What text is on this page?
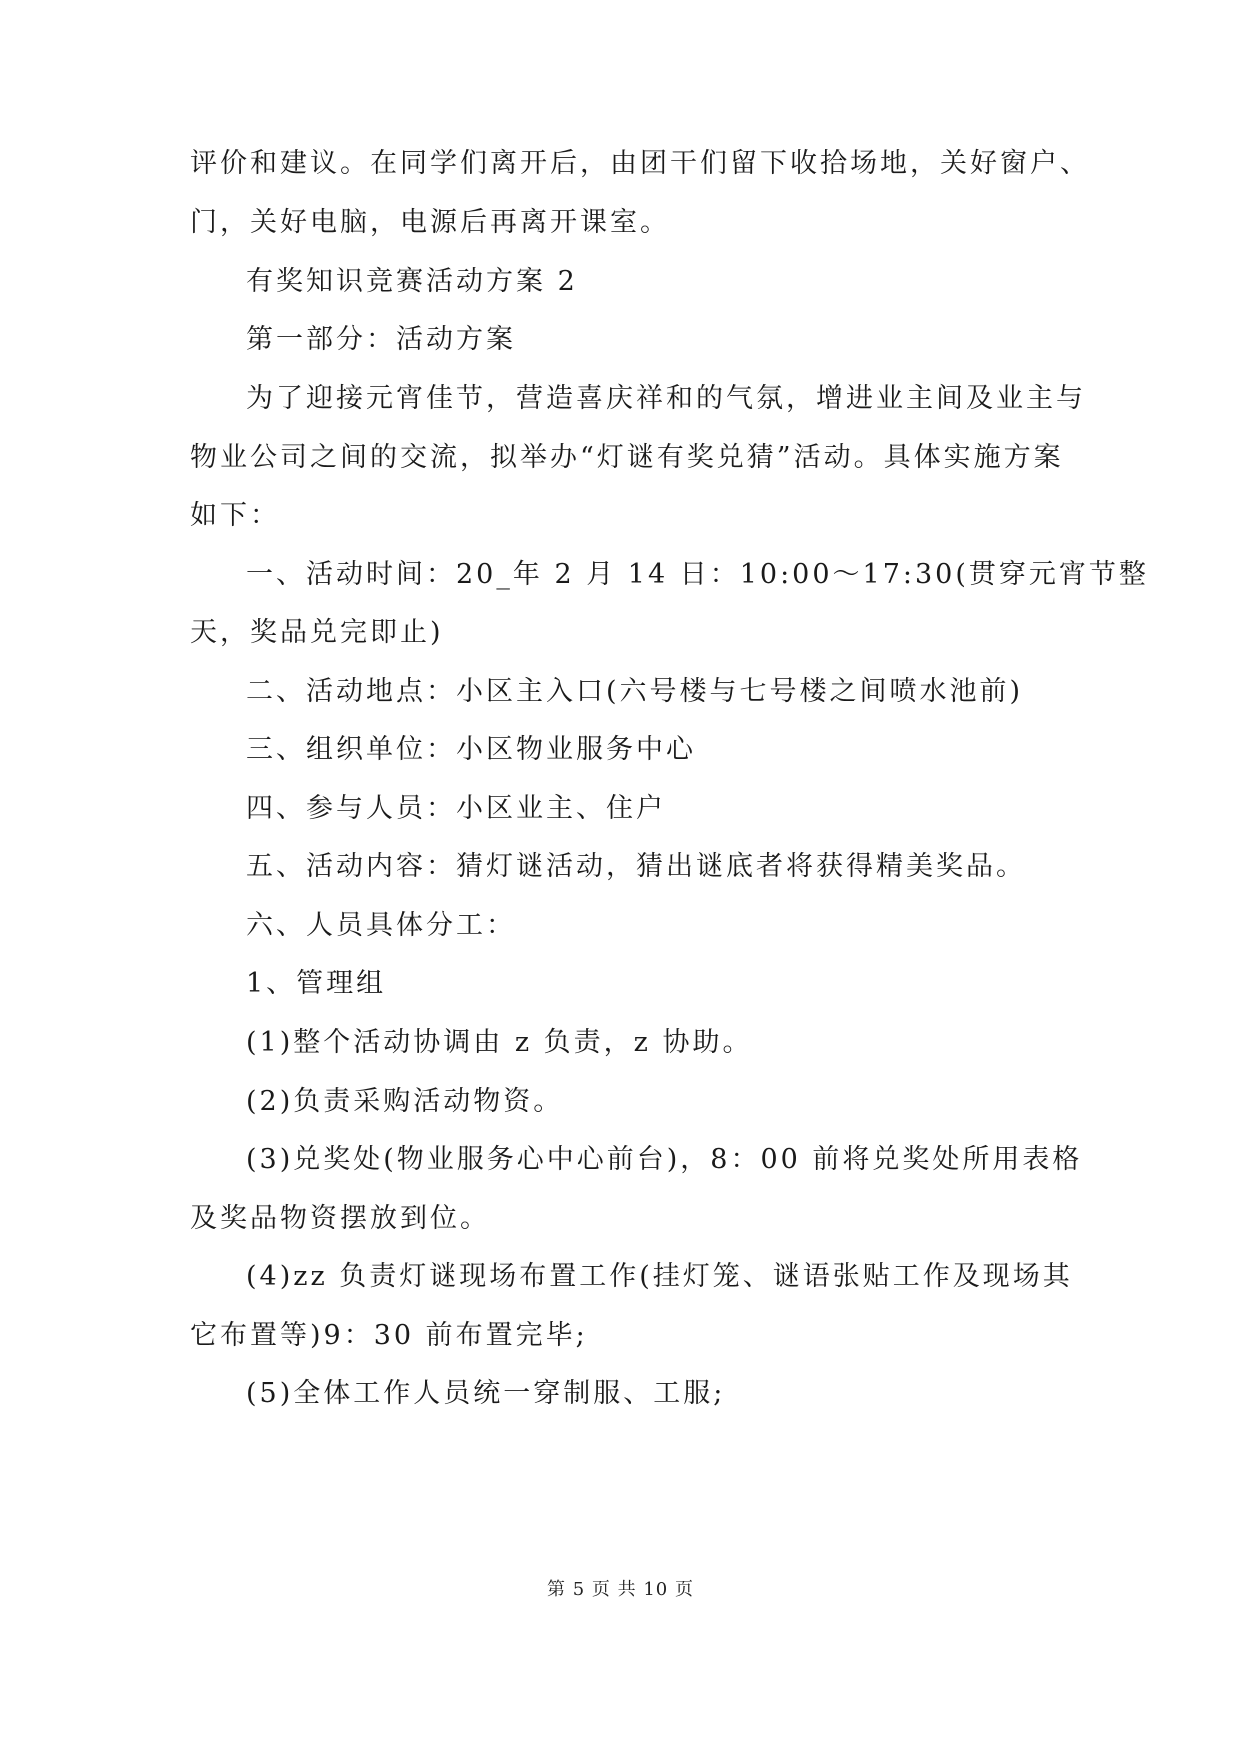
评价和建议。在同学们离开后，由团干们留下收拾场地，关好窗户、
门，关好电脑，电源后再离开课室。
有奖知识竞赛活动方案 2
第一部分：活动方案
为了迎接元宵佳节，营造喜庆祥和的气氛，增进业主间及业主与
物业公司之间的交流，拟举办“灯谜有奖兑猜”活动。具体实施方案
如下：
一、活动时间：20_年 2 月 14 日：10:00～17:30(贯穿元宵节整
天，奖品兑完即止)
二、活动地点：小区主入口(六号楼与七号楼之间喷水池前)
三、组织单位：小区物业服务中心
四、参与人员：小区业主、住户
五、活动内容：猜灯谜活动，猜出谜底者将获得精美奖品。
六、人员具体分工：
1、管理组
(1)整个活动协调由 z 负责，z 协助。
(2)负责采购活动物资。
(3)兑奖处(物业服务心中心前台)，8：00 前将兑奖处所用表格
及奖品物资摆放到位。
(4)zz 负责灯谜现场布置工作(挂灯笼、谜语张贴工作及现场其
它布置等)9：30 前布置完毕;
(5)全体工作人员统一穿制服、工服;
第 5 页 共 10 页
